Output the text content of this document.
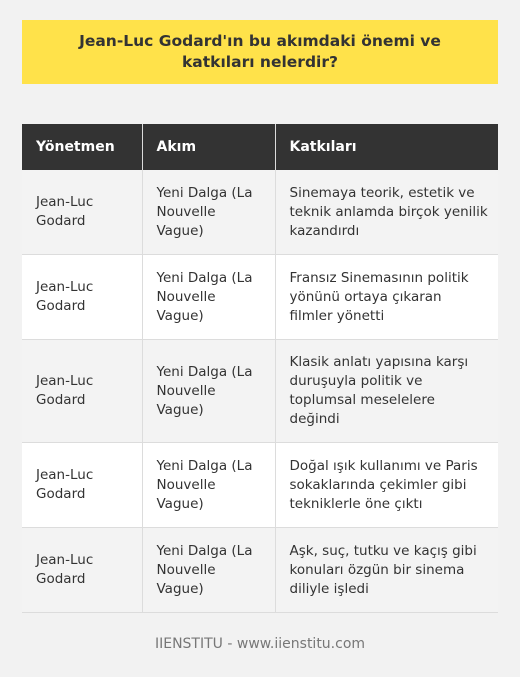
Jean-Luc Godard'ın bu akımdaki önemi ve katkıları nelerdir?
Yönetmen	Akım	Katkıları
Jean-Luc Godard	Yeni Dalga (La Nouvelle Vague)	Sinemaya teorik, estetik ve teknik anlamda birçok yenilik kazandırdı
Jean-Luc Godard	Yeni Dalga (La Nouvelle Vague)	Fransız Sinemasının politik yönünü ortaya çıkaran filmler yönetti
Jean-Luc Godard	Yeni Dalga (La Nouvelle Vague)	Klasik anlatı yapısına karşı duruşuyla politik ve toplumsal meselelere değindi
Jean-Luc Godard	Yeni Dalga (La Nouvelle Vague)	Doğal ışık kullanımı ve Paris sokaklarında çekimler gibi tekniklerle öne çıktı
Jean-Luc Godard	Yeni Dalga (La Nouvelle Vague)	Aşk, suç, tutku ve kaçış gibi konuları özgün bir sinema diliyle işledi
IIENSTITU - www.iienstitu.com
